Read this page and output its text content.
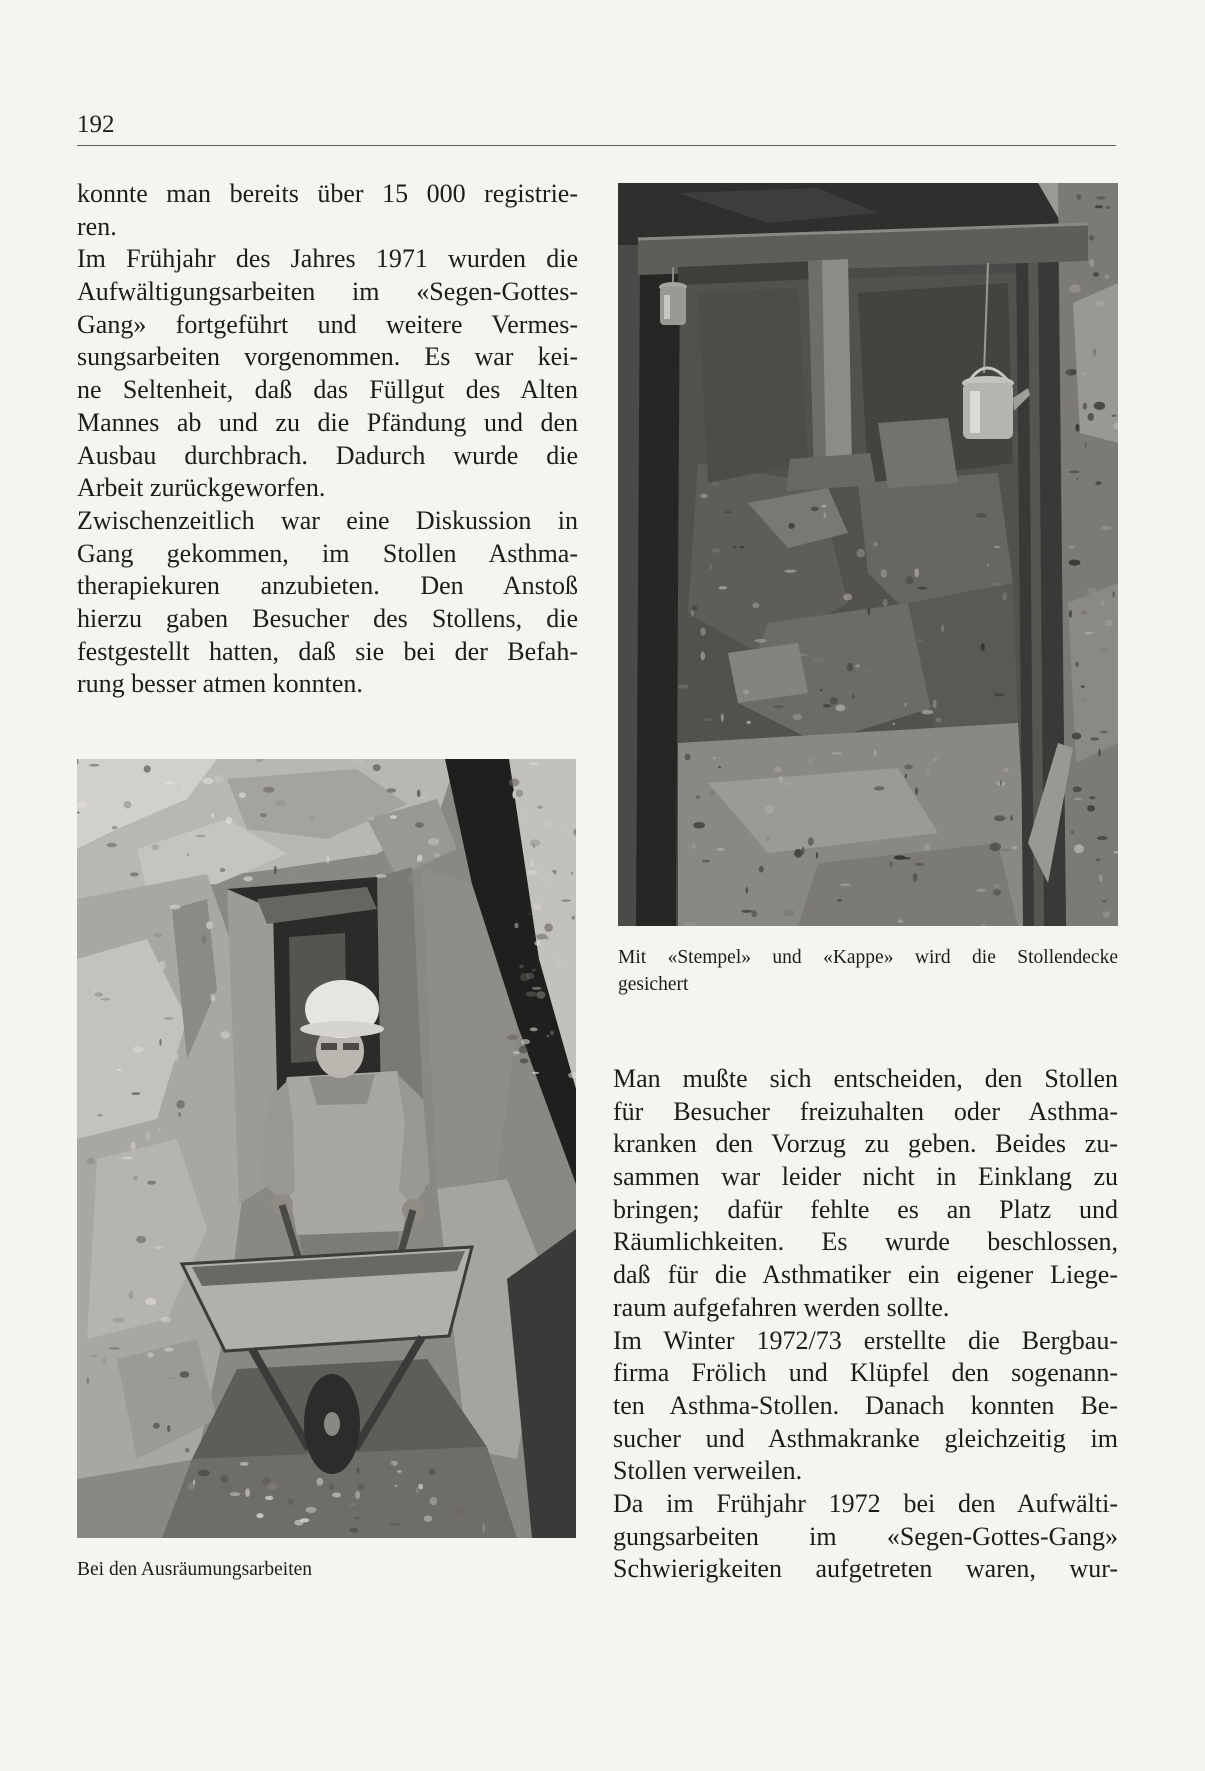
192
konnte man bereits über 15 000 registrie-
ren.
Im Frühjahr des Jahres 1971 wurden die
Aufwältigungsarbeiten im «Segen-Gottes-
Gang» fortgeführt und weitere Vermes-
sungsarbeiten vorgenommen. Es war kei-
ne Seltenheit, daß das Füllgut des Alten
Mannes ab und zu die Pfändung und den
Ausbau durchbrach. Dadurch wurde die
Arbeit zurückgeworfen.
Zwischenzeitlich war eine Diskussion in
Gang gekommen, im Stollen Asthma-
therapiekuren anzubieten. Den Anstoß
hierzu gaben Besucher des Stollens, die
festgestellt hatten, daß sie bei der Befah-
rung besser atmen konnten.
Bei den Ausräumungsarbeiten
Mit «Stempel» und «Kappe» wird die Stollendecke
gesichert
Man mußte sich entscheiden, den Stollen
für Besucher freizuhalten oder Asthma-
kranken den Vorzug zu geben. Beides zu-
sammen war leider nicht in Einklang zu
bringen; dafür fehlte es an Platz und
Räumlichkeiten. Es wurde beschlossen,
daß für die Asthmatiker ein eigener Liege-
raum aufgefahren werden sollte.
Im Winter 1972/73 erstellte die Bergbau-
firma Frölich und Klüpfel den sogenann-
ten Asthma-Stollen. Danach konnten Be-
sucher und Asthmakranke gleichzeitig im
Stollen verweilen.
Da im Frühjahr 1972 bei den Aufwälti-
gungsarbeiten im «Segen-Gottes-Gang»
Schwierigkeiten aufgetreten waren, wur-
